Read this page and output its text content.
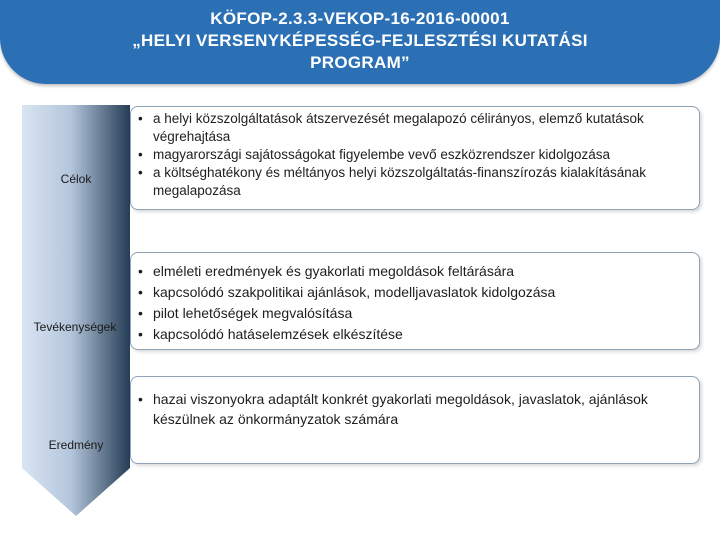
KÖFOP-2.3.3-VEKOP-16-2016-00001
„HELYI VERSENYKÉPESSÉG-FEJLESZTÉSI KUTATÁSI
PROGRAM”
Célok
Tevékenységek
Eredmény
• a helyi közszolgáltatások átszervezését megalapozó célirányos, elemző kutatások végrehajtása
• magyarországi sajátosságokat figyelembe vevő eszközrendszer kidolgozása
• a költséghatékony és méltányos helyi közszolgáltatás-finanszírozás kialakításának megalapozása
• elméleti eredmények és gyakorlati megoldások feltárására
• kapcsolódó szakpolitikai ajánlások, modelljavaslatok kidolgozása
• pilot lehetőségek megvalósítása
• kapcsolódó hatáselemzések elkészítése
• hazai viszonyokra adaptált konkrét gyakorlati megoldások, javaslatok, ajánlások készülnek az önkormányzatok számára
